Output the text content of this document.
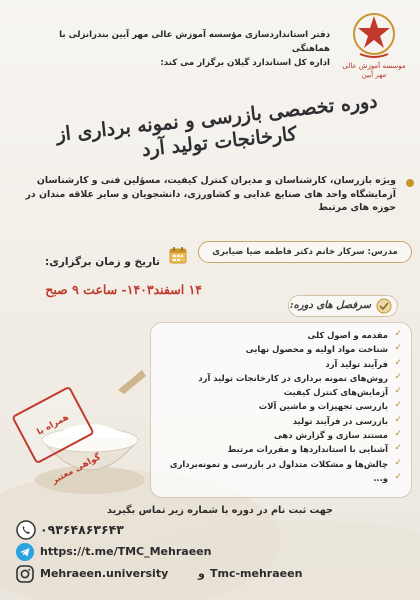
موسسه آموزش عالی مهر آیین
دفتر استانداردسازی مؤسسه آموزش عالی مهر آیین بندرانزلی با هماهنگی
اداره کل استاندارد گیلان برگزار می کند:
دوره تخصصی بازرسی و نمونه برداری از کارخانجات تولید آرد
ویژه بازرسان، کارشناسان و مدیران کنترل کیفیت، مسؤلین فنی و کارشناسان آزمایشگاه واحد های صنایع غذایی و کشاورزی، دانشجویان و سایر علاقه مندان در حوزه های مرتبط
مدرس: سرکار خانم دکتر فاطمه ضیا ضیابری
تاریخ و زمان برگزاری:
۱۴ اسفند۱۴۰۳- ساعت ۹ صبح
سرفصل های دوره:
✓
مقدمه و اصول کلی
✓
شناخت مواد اولیه و محصول نهایی
✓
فرآیند تولید آرد
✓
روش‌های نمونه برداری در کارخانجات تولید آرد
✓
آزمایش‌های کنترل کیفیت
✓
بازرسی تجهیزات و ماشین آلات
✓
بازرسی در فرآیند تولید
✓
مستند سازی و گزارش دهی
✓
آشنایی با استانداردها و مقررات مرتبط
✓
چالش‌ها و مشکلات متداول در بازرسی و نمونه‌برداری
✓
و...
همراه با گواهی معتبر
جهت ثبت نام در دوره با شماره زیر تماس بگیرید
۰۹۳۶۴۸۶۳۶۴۳
https://t.me/TMC_Mehraeen
Mehraeen.university	و Tmc-mehraeen
